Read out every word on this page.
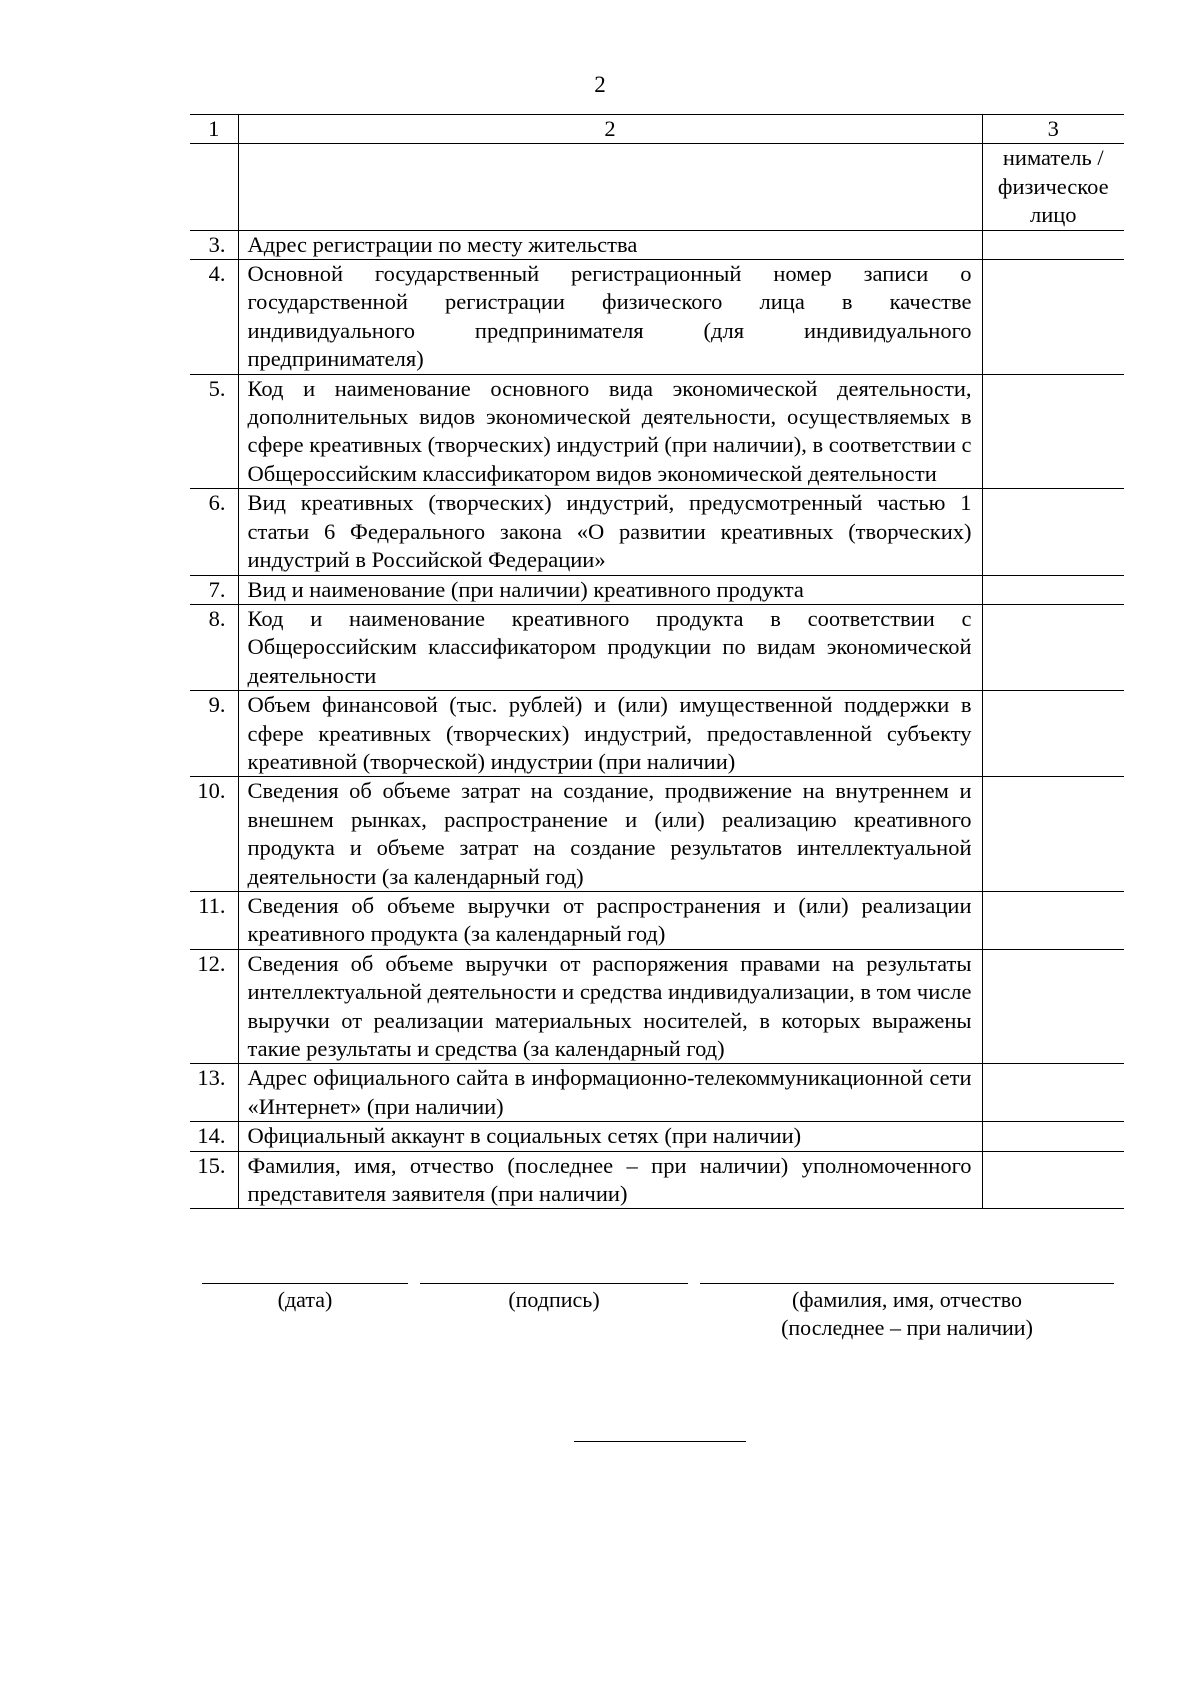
2
1	2	3
		ниматель / физическое лицо
3.	Адрес регистрации по месту жительства	
4.	Основной государственный регистрационный номер записи о государственной регистрации физического лица в качестве индивидуального предпринимателя (для индивидуального предпринимателя)	
5.	Код и наименование основного вида экономической деятельности, дополнительных видов экономической деятельности, осуществляемых в сфере креативных (творческих) индустрий (при наличии), в соответствии с Общероссийским классификатором видов экономической деятельности	
6.	Вид креативных (творческих) индустрий, предусмотренный частью 1 статьи 6 Федерального закона «О развитии креативных (творческих) индустрий в Российской Федерации»	
7.	Вид и наименование (при наличии) креативного продукта	
8.	Код и наименование креативного продукта в соответствии с Общероссийским классификатором продукции по видам экономической деятельности	
9.	Объем финансовой (тыс. рублей) и (или) имущественной поддержки в сфере креативных (творческих) индустрий, предоставленной субъекту креативной (творческой) индустрии (при наличии)	
10.	Сведения об объеме затрат на создание, продвижение на внутреннем и внешнем рынках, распространение и (или) реализацию креативного продукта и объеме затрат на создание результатов интеллектуальной деятельности (за календарный год)	
11.	Сведения об объеме выручки от распространения и (или) реализации креативного продукта (за календарный год)	
12.	Сведения об объеме выручки от распоряжения правами на результаты интеллектуальной деятельности и средства индивидуализации, в том числе выручки от реализации материальных носителей, в которых выражены такие результаты и средства (за календарный год)	
13.	Адрес официального сайта в информационно-телекоммуникационной сети «Интернет» (при наличии)	
14.	Официальный аккаунт в социальных сетях (при наличии)	
15.	Фамилия, имя, отчество (последнее – при наличии) уполномоченного представителя заявителя (при наличии)	
(дата)	(подпись)	(фамилия, имя, отчество
(последнее – при наличии)
